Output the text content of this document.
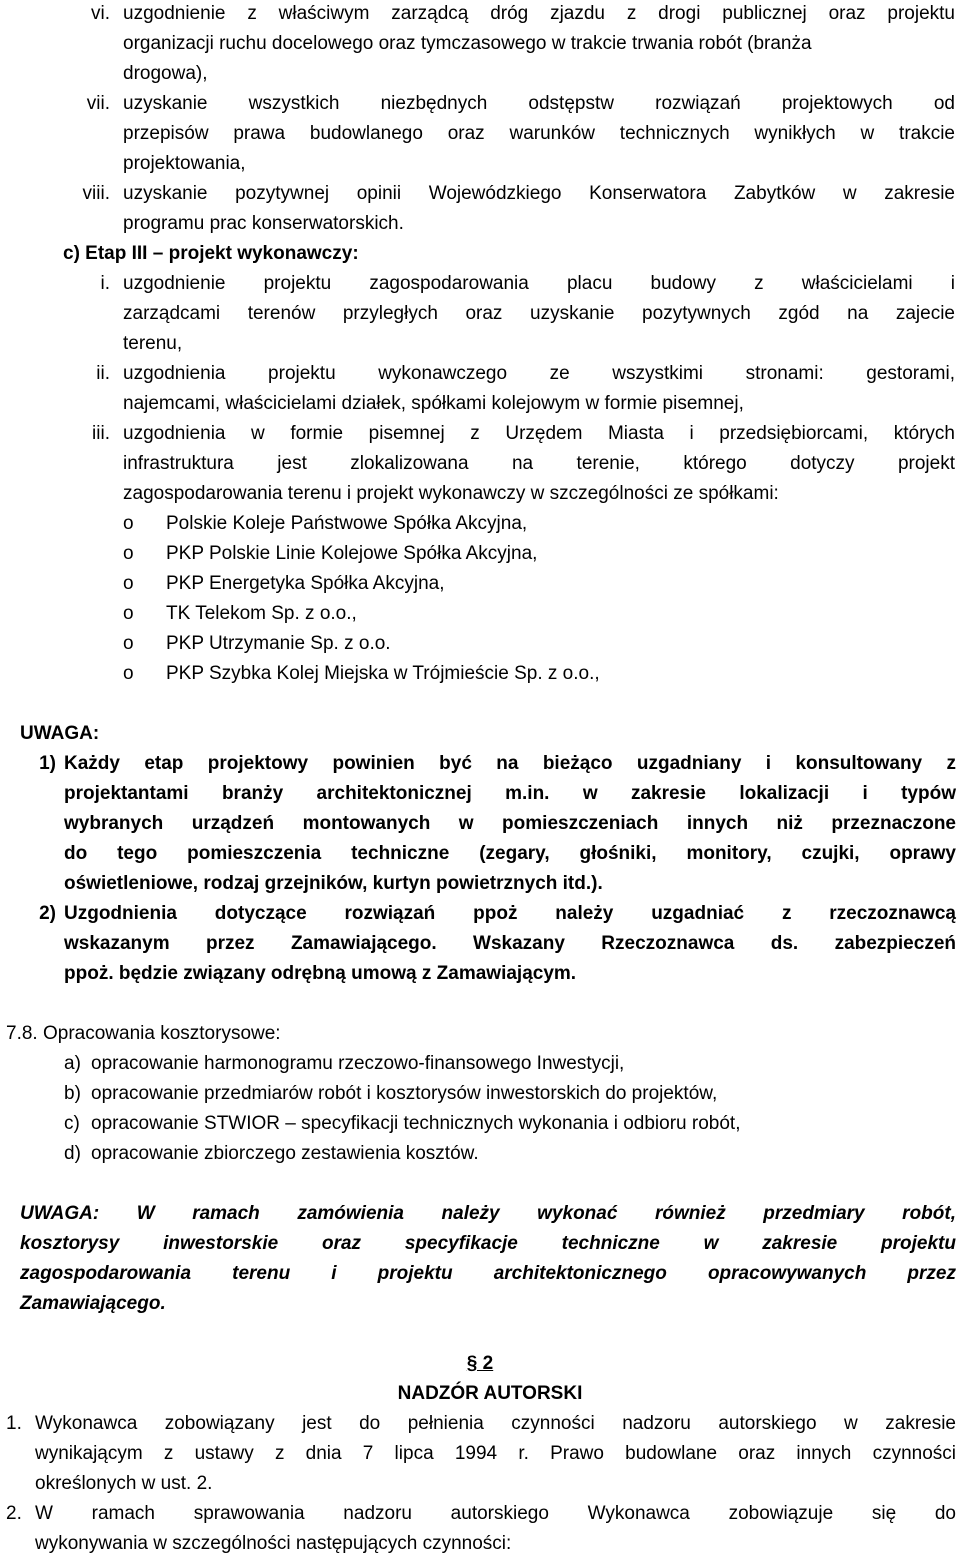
vi. uzgodnienie z właściwym zarządcą dróg zjazdu z drogi publicznej oraz projektu
organizacji ruchu docelowego oraz tymczasowego w trakcie trwania robót (branża
drogowa),
vii. uzyskanie wszystkich niezbędnych odstępstw rozwiązań projektowych od
przepisów prawa budowlanego oraz warunków technicznych wynikłych w trakcie
projektowania,
viii. uzyskanie pozytywnej opinii Wojewódzkiego Konserwatora Zabytków w zakresie
programu prac konserwatorskich.
c) Etap III – projekt wykonawczy:
i. uzgodnienie projektu zagospodarowania placu budowy z właścicielami i
zarządcami terenów przyległych oraz uzyskanie pozytywnych zgód na zajecie
terenu,
ii. uzgodnienia projektu wykonawczego ze wszystkimi stronami: gestorami,
najemcami, właścicielami działek, spółkami kolejowym w formie pisemnej,
iii. uzgodnienia w formie pisemnej z Urzędem Miasta i przedsiębiorcami, których
infrastruktura jest zlokalizowana na terenie, którego dotyczy projekt
zagospodarowania terenu i projekt wykonawczy w szczególności ze spółkami:
o Polskie Koleje Państwowe Spółka Akcyjna,
o PKP Polskie Linie Kolejowe Spółka Akcyjna,
o PKP Energetyka Spółka Akcyjna,
o TK Telekom Sp. z o.o.,
o PKP Utrzymanie Sp. z o.o.
o PKP Szybka Kolej Miejska w Trójmieście Sp. z o.o.,
UWAGA:
1) Każdy etap projektowy powinien być na bieżąco uzgadniany i konsultowany z
projektantami branży architektonicznej m.in. w zakresie lokalizacji i typów
wybranych urządzeń montowanych w pomieszczeniach innych niż przeznaczone
do tego pomieszczenia techniczne (zegary, głośniki, monitory, czujki, oprawy
oświetleniowe, rodzaj grzejników, kurtyn powietrznych itd.).
2) Uzgodnienia dotyczące rozwiązań ppoż należy uzgadniać z rzeczoznawcą
wskazanym przez Zamawiającego. Wskazany Rzeczoznawca ds. zabezpieczeń
ppoż. będzie związany odrębną umową z Zamawiającym.
7.8. Opracowania kosztorysowe:
a) opracowanie harmonogramu rzeczowo-finansowego Inwestycji,
b) opracowanie przedmiarów robót i kosztorysów inwestorskich do projektów,
c) opracowanie STWIOR – specyfikacji technicznych wykonania i odbioru robót,
d) opracowanie zbiorczego zestawienia kosztów.
UWAGA: W ramach zamówienia należy wykonać również przedmiary robót,
kosztorysy inwestorskie oraz specyfikacje techniczne w zakresie projektu
zagospodarowania terenu i projektu architektonicznego opracowywanych przez
Zamawiającego.
§ 2
NADZÓR AUTORSKI
1. Wykonawca zobowiązany jest do pełnienia czynności nadzoru autorskiego w zakresie
wynikającym z ustawy z dnia 7 lipca 1994 r. Prawo budowlane oraz innych czynności
określonych w ust. 2.
2. W ramach sprawowania nadzoru autorskiego Wykonawca zobowiązuje się do
wykonywania w szczególności następujących czynności:
